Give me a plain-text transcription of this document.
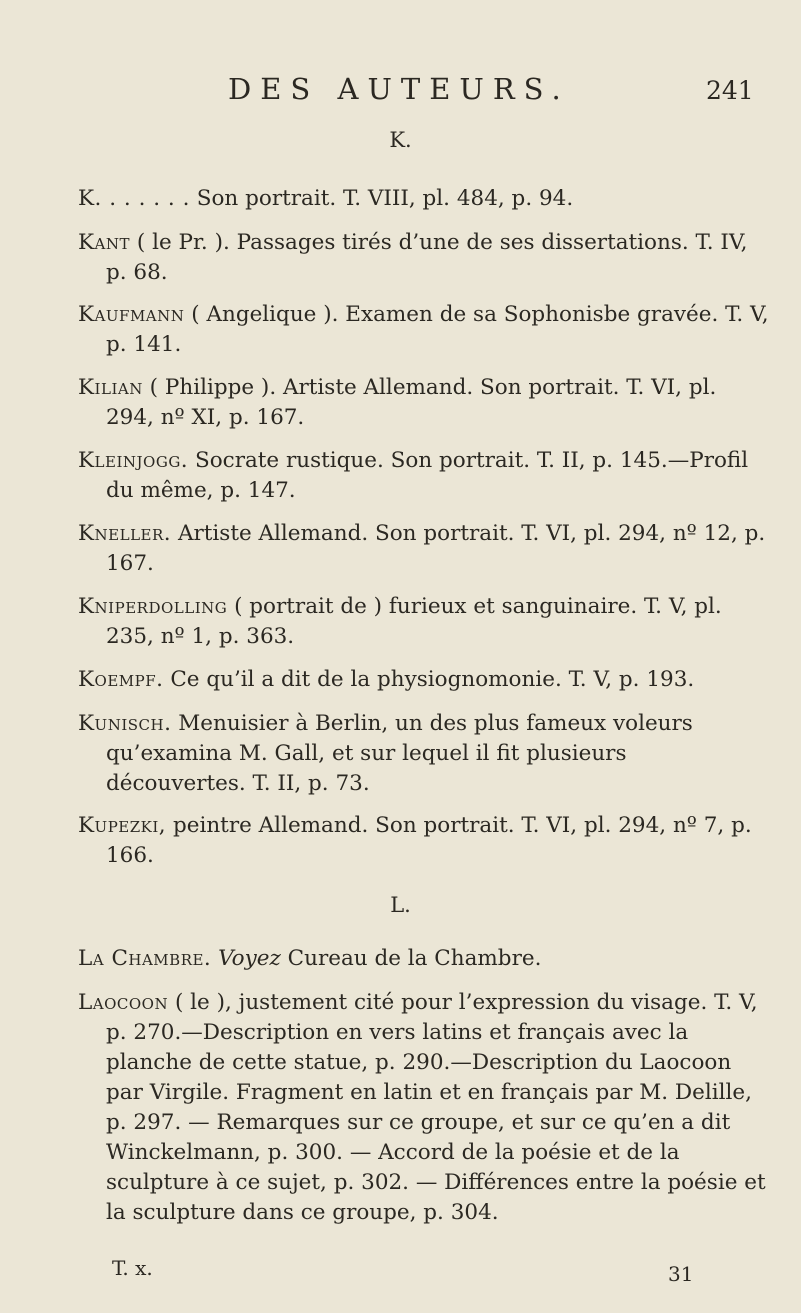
DES AUTEURS.	241
K.
K. . . . . . . Son portrait. T. VIII, pl. 484, p. 94.
Kant ( le Pr. ). Passages tirés d’une de ses dissertations. T. IV, p. 68.
Kaufmann ( Angelique ). Examen de sa Sophonisbe gravée. T. V, p. 141.
Kilian ( Philippe ). Artiste Allemand. Son portrait. T. VI, pl. 294, nº XI, p. 167.
Kleinjogg. Socrate rustique. Son portrait. T. II, p. 145.—Profil du même, p. 147.
Kneller. Artiste Allemand. Son portrait. T. VI, pl. 294, nº 12, p. 167.
Kniperdolling ( portrait de ) furieux et sanguinaire. T. V, pl. 235, nº 1, p. 363.
Koempf. Ce qu’il a dit de la physiognomonie. T. V, p. 193.
Kunisch. Menuisier à Berlin, un des plus fameux voleurs qu’examina M. Gall, et sur lequel il fit plusieurs découvertes. T. II, p. 73.
Kupezki, peintre Allemand. Son portrait. T. VI, pl. 294, nº 7, p. 166.
L.
La Chambre. Voyez Cureau de la Chambre.
Laocoon ( le ), justement cité pour l’expression du visage. T. V, p. 270.—Description en vers latins et français avec la planche de cette statue, p. 290.—Description du Laocoon par Virgile. Fragment en latin et en français par M. Delille, p. 297. — Remarques sur ce groupe, et sur ce qu’en a dit Winckelmann, p. 300. — Accord de la poésie et de la sculpture à ce sujet, p. 302. — Différences entre la poésie et la sculpture dans ce groupe, p. 304.
T. x.	31
